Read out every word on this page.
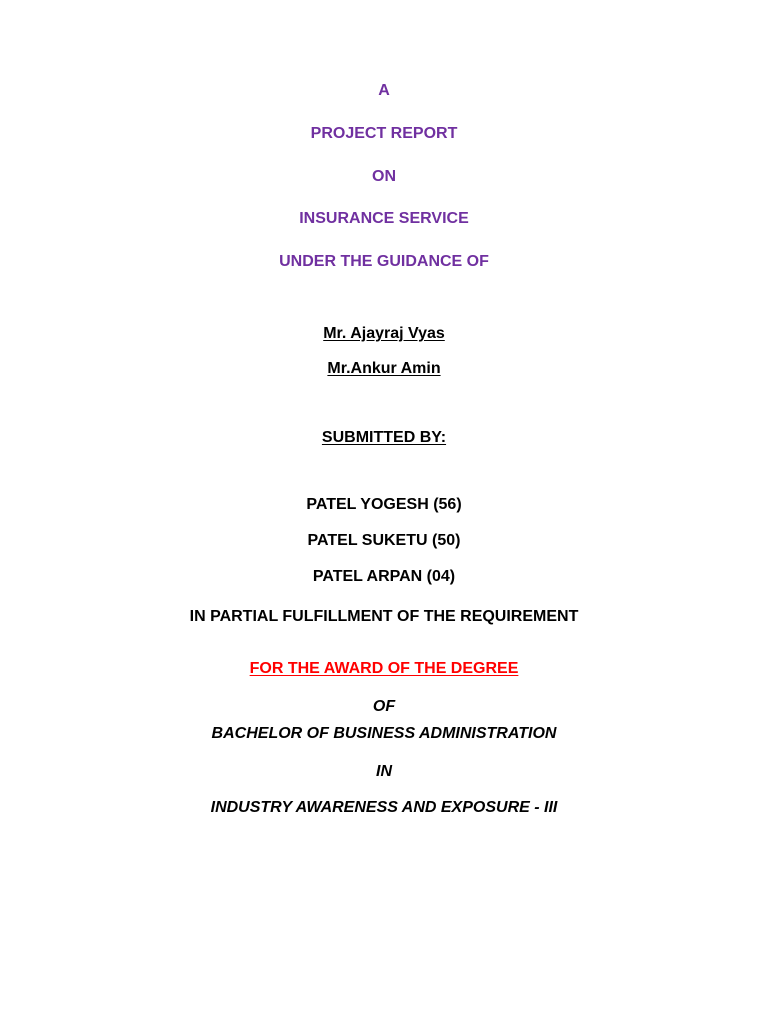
A
PROJECT REPORT
ON
INSURANCE SERVICE
UNDER THE GUIDANCE OF
Mr. Ajayraj Vyas
Mr.Ankur Amin
SUBMITTED BY:
PATEL YOGESH (56)
PATEL SUKETU (50)
PATEL ARPAN (04)
IN PARTIAL FULFILLMENT OF THE REQUIREMENT
FOR THE AWARD OF THE DEGREE
OF
BACHELOR OF BUSINESS ADMINISTRATION
IN
INDUSTRY AWARENESS AND EXPOSURE - III
